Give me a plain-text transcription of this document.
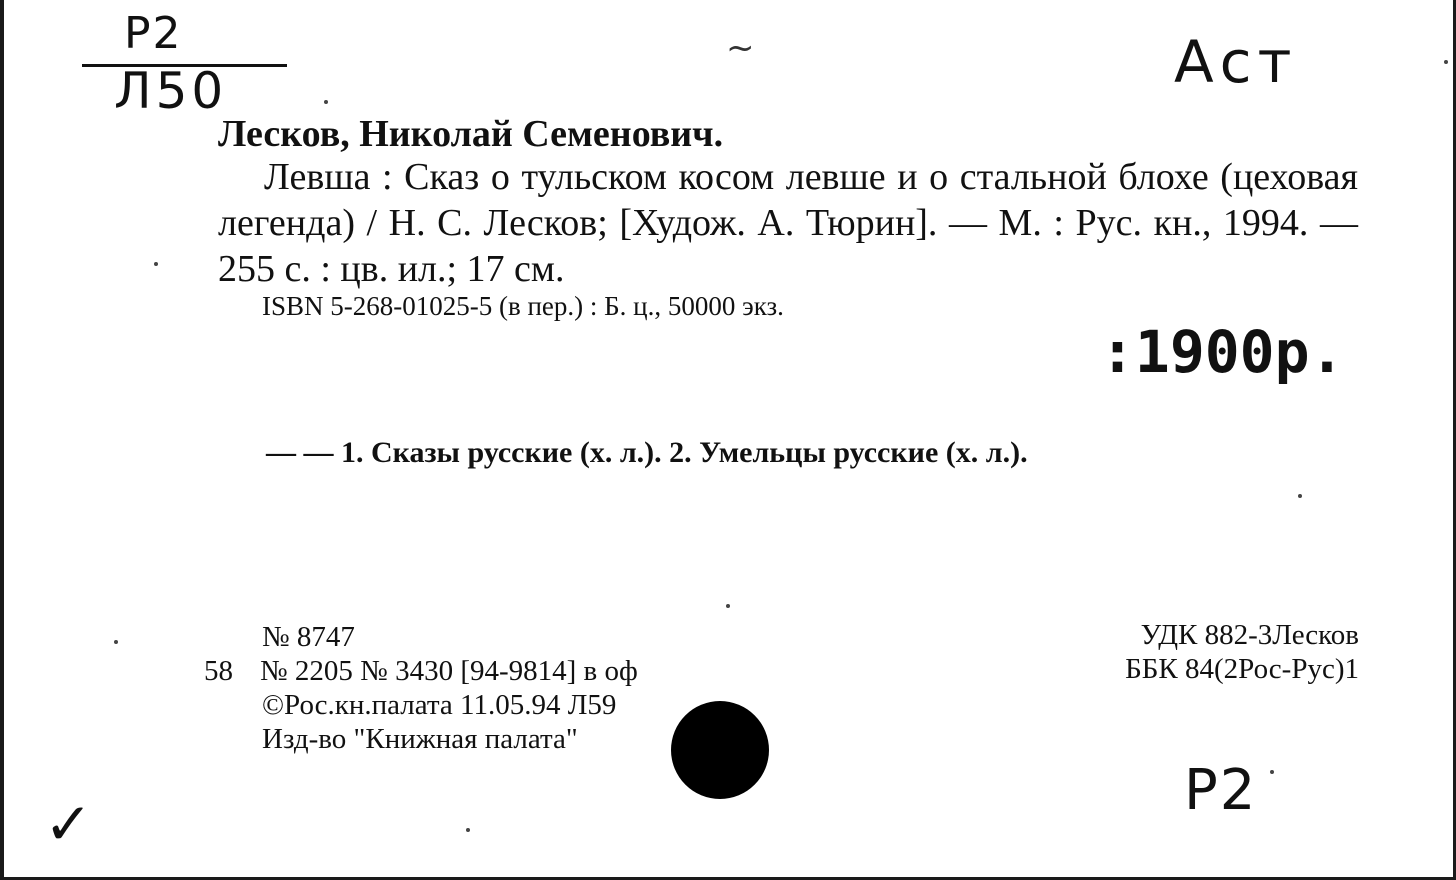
Р2
Л50
~	Аст
Лесков, Николай Семенович.
Левша : Сказ о тульском косом левше и о стальной блохе (цеховая легенда) / Н. С. Лесков; [Худож. А. Тюрин]. — М. : Рус. кн., 1994. — 255 с. : цв. ил.; 17 см.
ISBN 5-268-01025-5 (в пер.) : Б. ц., 50000 экз.
:1900р.
— — 1. Сказы русские (х. л.). 2. Умельцы русские (х. л.).
№ 8747
58 № 2205 № 3430 [94-9814] в оф
©Рос.кн.палата 11.05.94 Л59
Изд-во "Книжная палата"
УДК 882-3Лесков
ББК 84(2Рос-Рус)1
✓	Р2
